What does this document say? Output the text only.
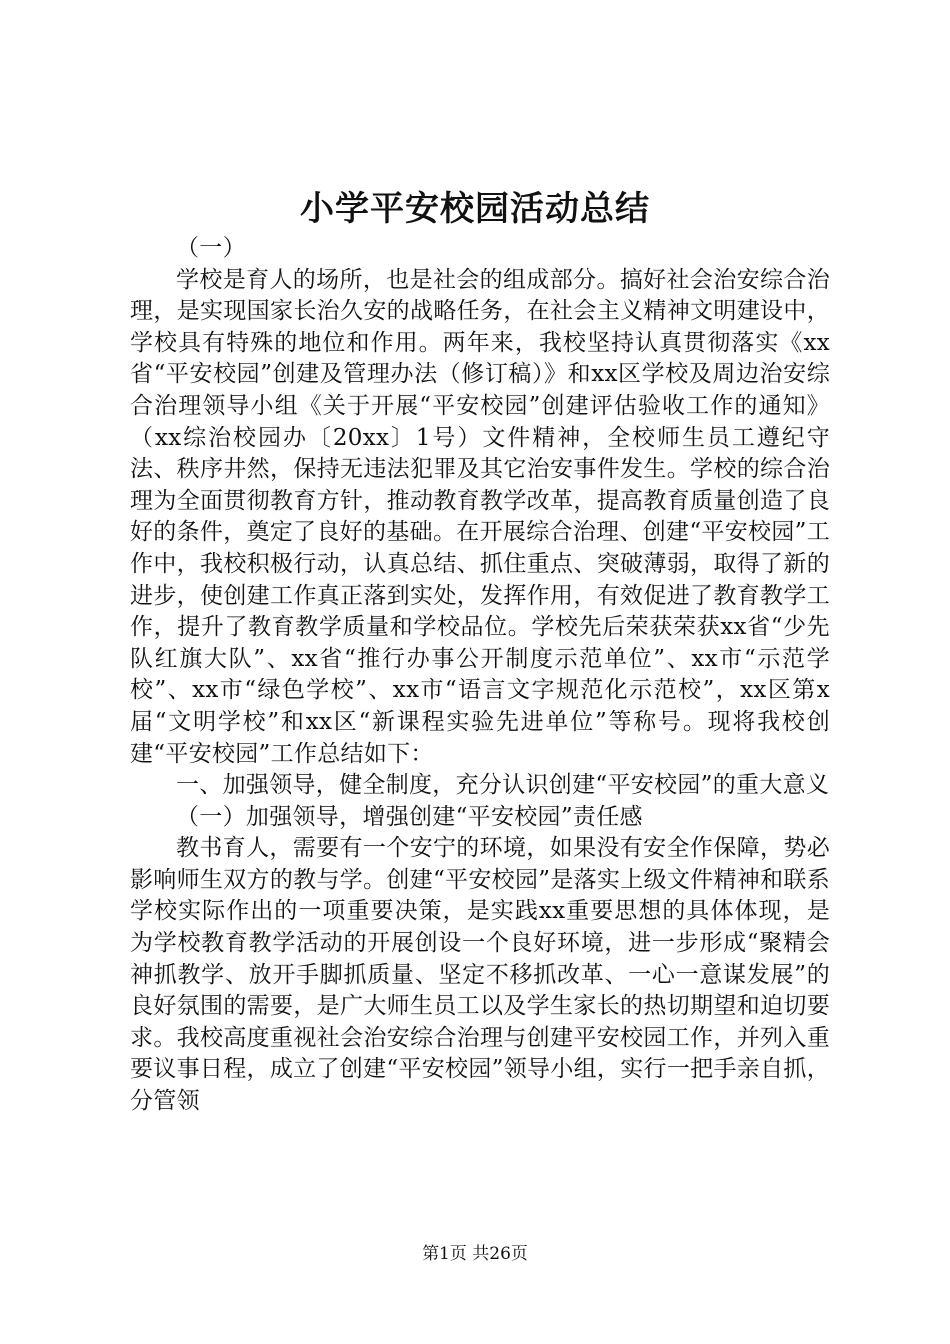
小学平安校园活动总结

（一）

学校是育人的场所，也是社会的组成部分。搞好社会治安综合治理，是实现国家长治久安的战略任务，在社会主义精神文明建设中，学校具有特殊的地位和作用。两年来，我校坚持认真贯彻落实《xx省“平安校园”创建及管理办法（修订稿）》和xx区学校及周边治安综合治理领导小组《关于开展“平安校园”创建评估验收工作的通知》（xx综治校园办〔20xx〕1号）文件精神，全校师生员工遵纪守法、秩序井然，保持无违法犯罪及其它治安事件发生。学校的综合治理为全面贯彻教育方针，推动教育教学改革，提高教育质量创造了良好的条件，奠定了良好的基础。在开展综合治理、创建“平安校园”工作中，我校积极行动，认真总结、抓住重点、突破薄弱，取得了新的进步，使创建工作真正落到实处，发挥作用，有效促进了教育教学工作，提升了教育教学质量和学校品位。学校先后荣获荣获xx省“少先队红旗大队”、xx省“推行办事公开制度示范单位”、xx市“示范学校”、xx市“绿色学校”、xx市“语言文字规范化示范校”，xx区第x届“文明学校”和xx区“新课程实验先进单位”等称号。现将我校创建“平安校园”工作总结如下：

一、加强领导，健全制度，充分认识创建“平安校园”的重大意义

（一）加强领导，增强创建“平安校园”责任感

教书育人，需要有一个安宁的环境，如果没有安全作保障，势必影响师生双方的教与学。创建“平安校园”是落实上级文件精神和联系学校实际作出的一项重要决策，是实践xx重要思想的具体体现，是为学校教育教学活动的开展创设一个良好环境，进一步形成“聚精会神抓教学、放开手脚抓质量、坚定不移抓改革、一心一意谋发展”的良好氛围的需要，是广大师生员工以及学生家长的热切期望和迫切要求。我校高度重视社会治安综合治理与创建平安校园工作，并列入重要议事日程，成立了创建“平安校园”领导小组，实行一把手亲自抓，分管领

第1页 共26页
